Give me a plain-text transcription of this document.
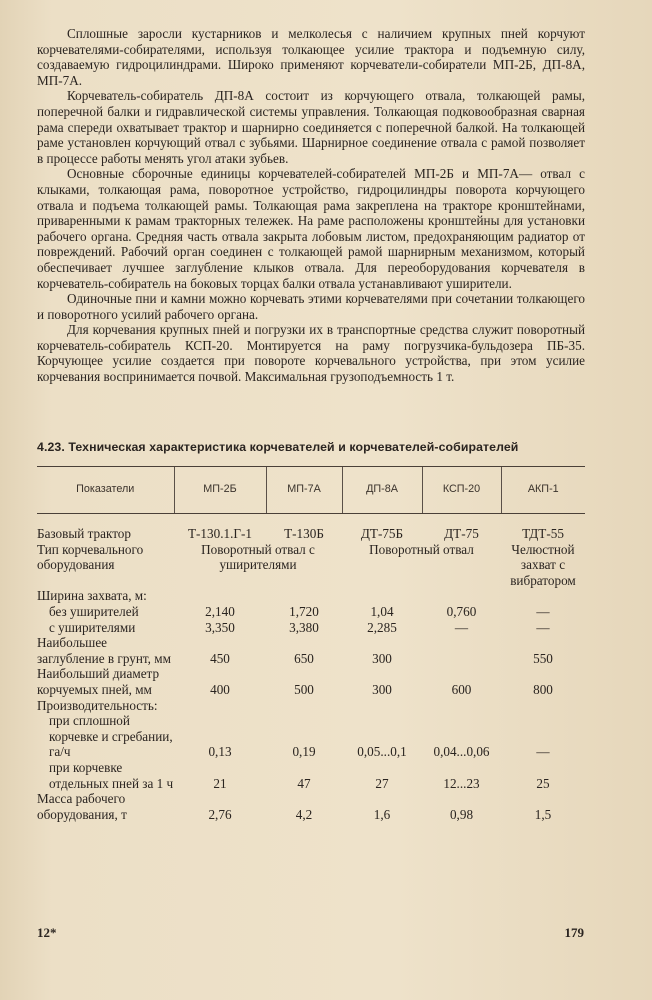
Сплошные заросли кустарников и мелколесья с наличием крупных пней корчуют корчевателями-собирателями, используя толкающее усилие трактора и подъемную силу, создаваемую гидроцилиндрами. Широко применяют корчеватели-собиратели МП-2Б, ДП-8А, МП-7А.

Корчеватель-собиратель ДП-8А состоит из корчующего отвала, толкающей рамы, поперечной балки и гидравлической системы управления. Толкающая подковообразная сварная рама спереди охватывает трактор и шарнирно соединяется с поперечной балкой. На толкающей раме установлен корчующий отвал с зубьями. Шарнирное соединение отвала с рамой позволяет в процессе работы менять угол атаки зубьев.

Основные сборочные единицы корчевателей-собирателей МП-2Б и МП-7А— отвал с клыками, толкающая рама, поворотное устройство, гидроцилиндры поворота корчующего отвала и подъема толкающей рамы. Толкающая рама закреплена на тракторе кронштейнами, приваренными к рамам тракторных тележек. На раме расположены кронштейны для установки рабочего органа. Средняя часть отвала закрыта лобовым листом, предохраняющим радиатор от повреждений. Рабочий орган соединен с толкающей рамой шарнирным механизмом, который обеспечивает лучшее заглубление клыков отвала. Для переоборудования корчевателя в корчеватель-собиратель на боковых торцах балки отвала устанавливают уширители.

Одиночные пни и камни можно корчевать этими корчевателями при сочетании толкающего и поворотного усилий рабочего органа.

Для корчевания крупных пней и погрузки их в транспортные средства служит поворотный корчеватель-собиратель КСП-20. Монтируется на раму погрузчика-бульдозера ПБ-35. Корчующее усилие создается при повороте корчевального устройства, при этом усилие корчевания воспринимается почвой. Максимальная грузоподъемность 1 т.

4.23. Техническая характеристика корчевателей и корчевателей-собирателей
Показатели	МП-2Б	МП-7А	ДП-8А	КСП-20	АКП-1

Базовый трактор	Т-130.1.Г-1	Т-130Б	ДТ-75Б	ДТ-75	ТДТ-55
Тип корчевального оборудования	Поворотный отвал с уширителями		Поворотный отвал		Челюстной захват с вибратором
Ширина захвата, м:					
без уширителей	2,140	1,720	1,04	0,760	—
с уширителями	3,350	3,380	2,285	—	—
Наибольшее заглубление в грунт, мм	450	650	300		550
Наибольший диаметр корчуемых пней, мм	400	500	300	600	800
Производительность:					
при сплошной корчевке и сгребании, га/ч	0,13	0,19	0,05...0,1	0,04...0,06	—
при корчевке отдельных пней за 1 ч	21	47	27	12...23	25
Масса рабочего оборудования, т	2,76	4,2	1,6	0,98	1,5
12*	179
